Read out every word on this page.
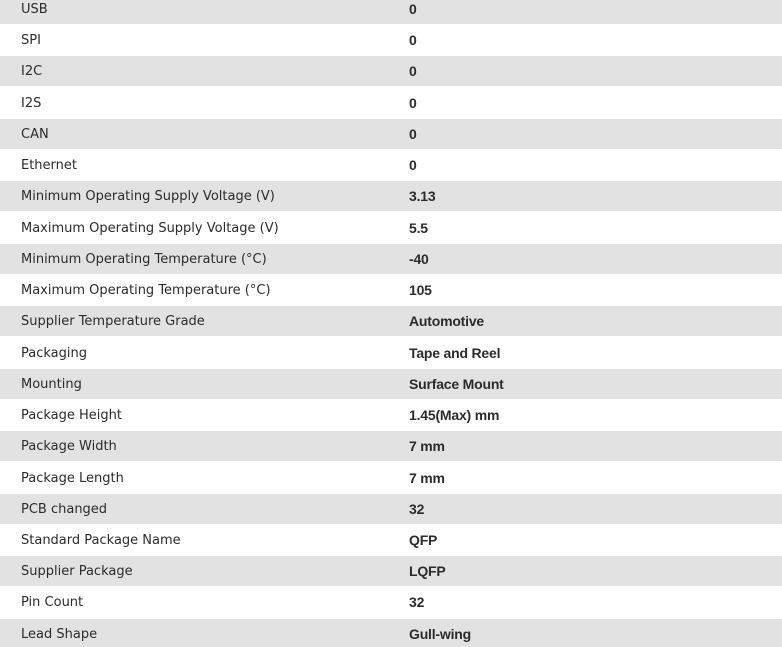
USB	0
SPI	0
I2C	0
I2S	0
CAN	0
Ethernet	0
Minimum Operating Supply Voltage (V)	3.13
Maximum Operating Supply Voltage (V)	5.5
Minimum Operating Temperature (°C)	-40
Maximum Operating Temperature (°C)	105
Supplier Temperature Grade	Automotive
Packaging	Tape and Reel
Mounting	Surface Mount
Package Height	1.45(Max) mm
Package Width	7 mm
Package Length	7 mm
PCB changed	32
Standard Package Name	QFP
Supplier Package	LQFP
Pin Count	32
Lead Shape	Gull-wing
